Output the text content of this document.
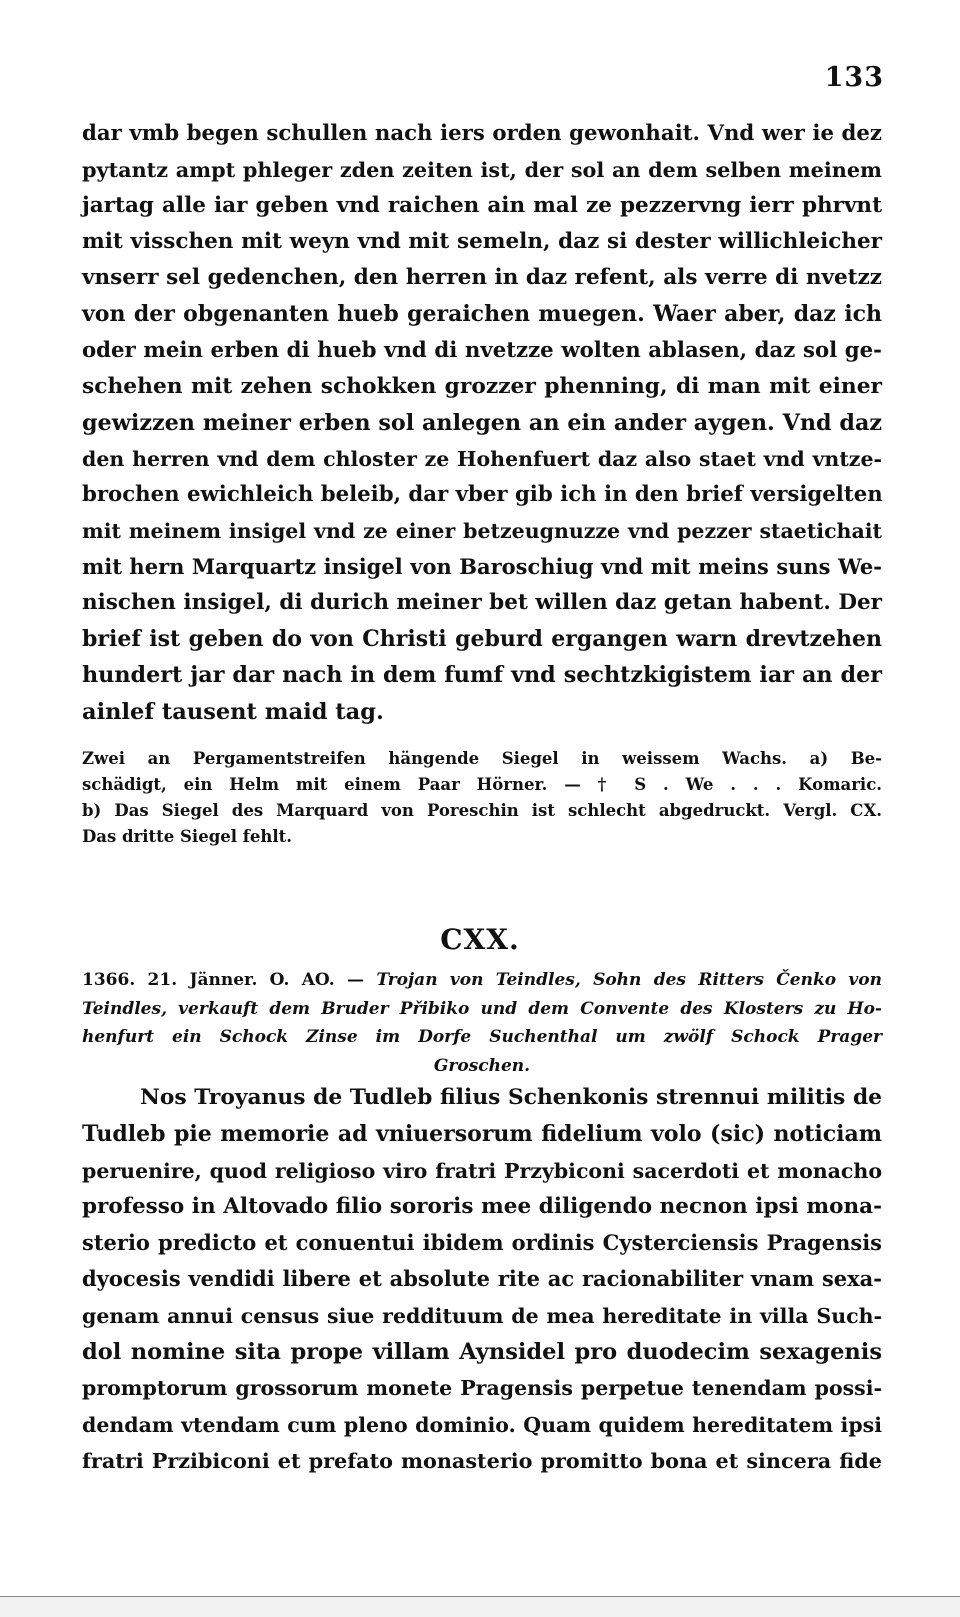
133
dar vmb begen schullen nach iers orden gewonhait. Vnd wer ie dez
pytantz ampt phleger zden zeiten ist, der sol an dem selben meinem
jartag alle iar geben vnd raichen ain mal ze pezzervng ierr phrvnt
mit visschen mit weyn vnd mit semeln, daz si dester willichleicher
vnserr sel gedenchen, den herren in daz refent, als verre di nvetzz
von der obgenanten hueb geraichen muegen. Waer aber, daz ich
oder mein erben di hueb vnd di nvetzze wolten ablasen, daz sol ge-
schehen mit zehen schokken grozzer phenning, di man mit einer
gewizzen meiner erben sol anlegen an ein ander aygen. Vnd daz
den herren vnd dem chloster ze Hohenfuert daz also staet vnd vntze-
brochen ewichleich beleib, dar vber gib ich in den brief versigelten
mit meinem insigel vnd ze einer betzeugnuzze vnd pezzer staetichait
mit hern Marquartz insigel von Baroschiug vnd mit meins suns We-
nischen insigel, di durich meiner bet willen daz getan habent. Der
brief ist geben do von Christi geburd ergangen warn drevtzehen
hundert jar dar nach in dem fumf vnd sechtzkigistem iar an der
ainlef tausent maid tag.
Zwei an Pergamentstreifen hängende Siegel in weissem Wachs. a) Be-
schädigt, ein Helm mit einem Paar Hörner. — † S . We . . . Komaric.
b) Das Siegel des Marquard von Poreschin ist schlecht abgedruckt. Vergl. CX.
Das dritte Siegel fehlt.
CXX.
1366. 21. Jänner. O. AO. — Trojan von Teindles, Sohn des Ritters Čenko von
Teindles, verkauft dem Bruder Přibiko und dem Convente des Klosters zu Ho-
henfurt ein Schock Zinse im Dorfe Suchenthal um zwölf Schock Prager
Groschen.
Nos Troyanus de Tudleb filius Schenkonis strennui militis de
Tudleb pie memorie ad vniuersorum fidelium volo (sic) noticiam
peruenire, quod religioso viro fratri Przybiconi sacerdoti et monacho
professo in Altovado filio sororis mee diligendo necnon ipsi mona-
sterio predicto et conuentui ibidem ordinis Cysterciensis Pragensis
dyocesis vendidi libere et absolute rite ac racionabiliter vnam sexa-
genam annui census siue reddituum de mea hereditate in villa Such-
dol nomine sita prope villam Aynsidel pro duodecim sexagenis
promptorum grossorum monete Pragensis perpetue tenendam possi-
dendam vtendam cum pleno dominio. Quam quidem hereditatem ipsi
fratri Przibiconi et prefato monasterio promitto bona et sincera fide
